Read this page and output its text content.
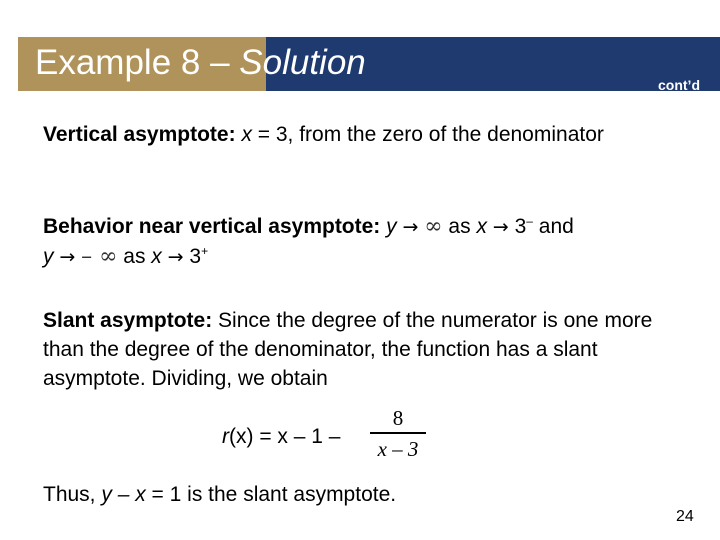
Example 8 – Solution
cont’d
Vertical asymptote: x = 3, from the zero of the denominator
Behavior near vertical asymptote: y → ∞ as x → 3– and
y → – ∞ as x → 3+
Slant asymptote: Since the degree of the numerator is one more than the degree of the denominator, the function has a slant asymptote. Dividing, we obtain
r(x) = x – 1 –
8
x – 3
Thus, y – x = 1 is the slant asymptote.
24
